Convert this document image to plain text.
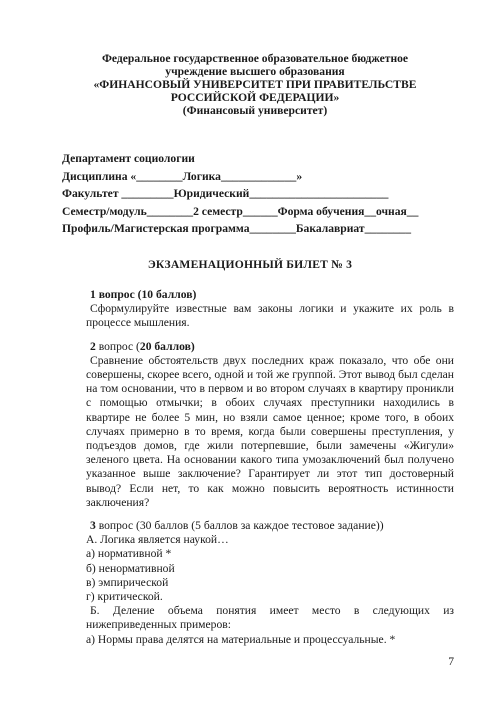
Федеральное государственное образовательное бюджетное
учреждение высшего образования
«ФИНАНСОВЫЙ УНИВЕРСИТЕТ ПРИ ПРАВИТЕЛЬСТВЕ
РОССИЙСКОЙ ФЕДЕРАЦИИ»
(Финансовый университет)
Департамент социологии
Дисциплина «________Логика_____________»
Факультет _________Юридический________________________
Семестр/модуль________2 семестр______Форма обучения__очная__
Профиль/Магистерская программа________Бакалавриат________
ЭКЗАМЕНАЦИОННЫЙ БИЛЕТ № 3
1 вопрос (10 баллов)

Сформулируйте известные вам законы логики и укажите их роль в процессе мышления.

2 вопрос (20 баллов)

Сравнение обстоятельств двух последних краж показало, что обе они совершены, скорее всего, одной и той же группой. Этот вывод был сделан на том основании, что в первом и во втором случаях в квартиру проникли с помощью отмычки; в обоих случаях преступники находились в квартире не более 5 мин, но взяли самое ценное; кроме того, в обоих случаях примерно в то время, когда были совершены преступления, у подъездов домов, где жили потерпевшие, были замечены «Жигули» зеленого цвета. На основании какого типа умозаключений был получено указанное выше заключение? Гарантирует ли этот тип достоверный вывод? Если нет, то как можно повысить вероятность истинности заключения?

3 вопрос (30 баллов (5 баллов за каждое тестовое задание))
А. Логика является наукой…
а) нормативной *
б) ненормативной
в) эмпирической
г) критической.

Б. Деление объема понятия имеет место в следующих из нижеприведенных примеров:

а) Нормы права делятся на материальные и процессуальные. *
7
